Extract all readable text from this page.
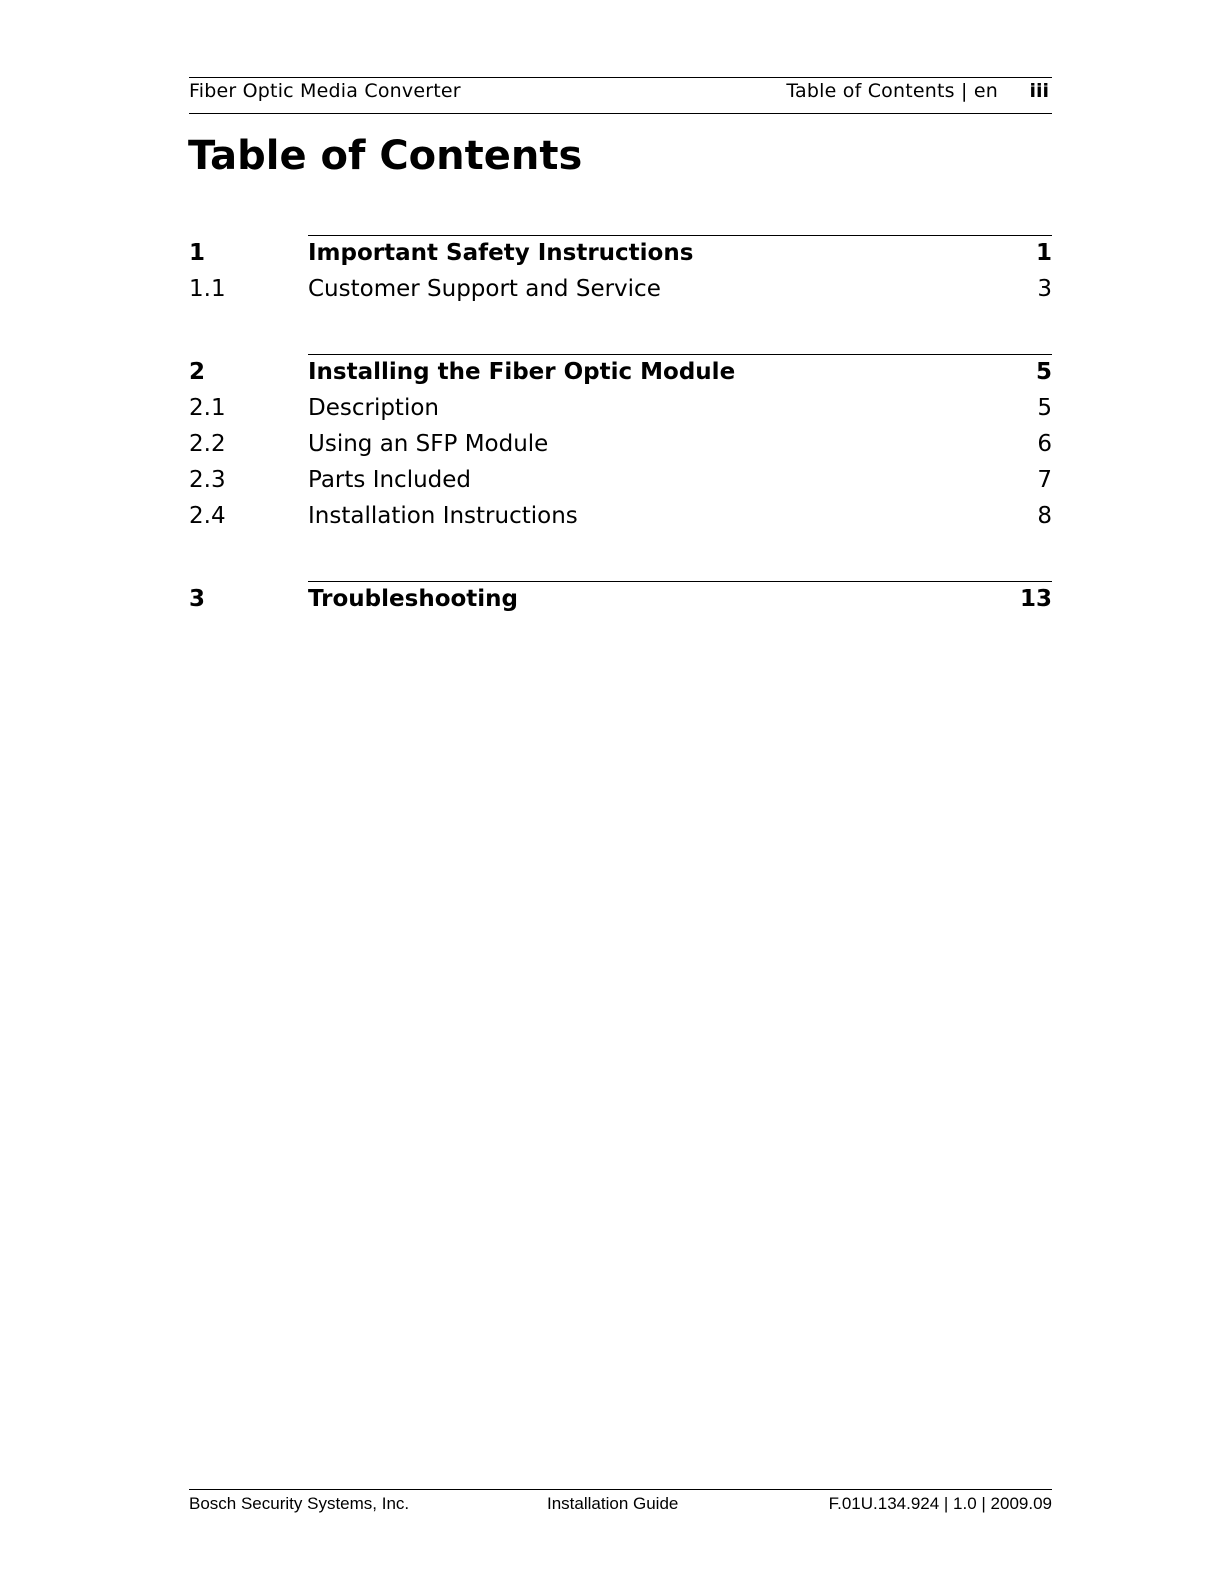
Fiber Optic Media Converter	Table of Contents | en iii
Table of Contents
1	Important Safety Instructions	1
1.1	Customer Support and Service	3
2	Installing the Fiber Optic Module	5
2.1	Description	5
2.2	Using an SFP Module	6
2.3	Parts Included	7
2.4	Installation Instructions	8
3	Troubleshooting	13
Bosch Security Systems, Inc.	Installation Guide	F.01U.134.924 | 1.0 | 2009.09
